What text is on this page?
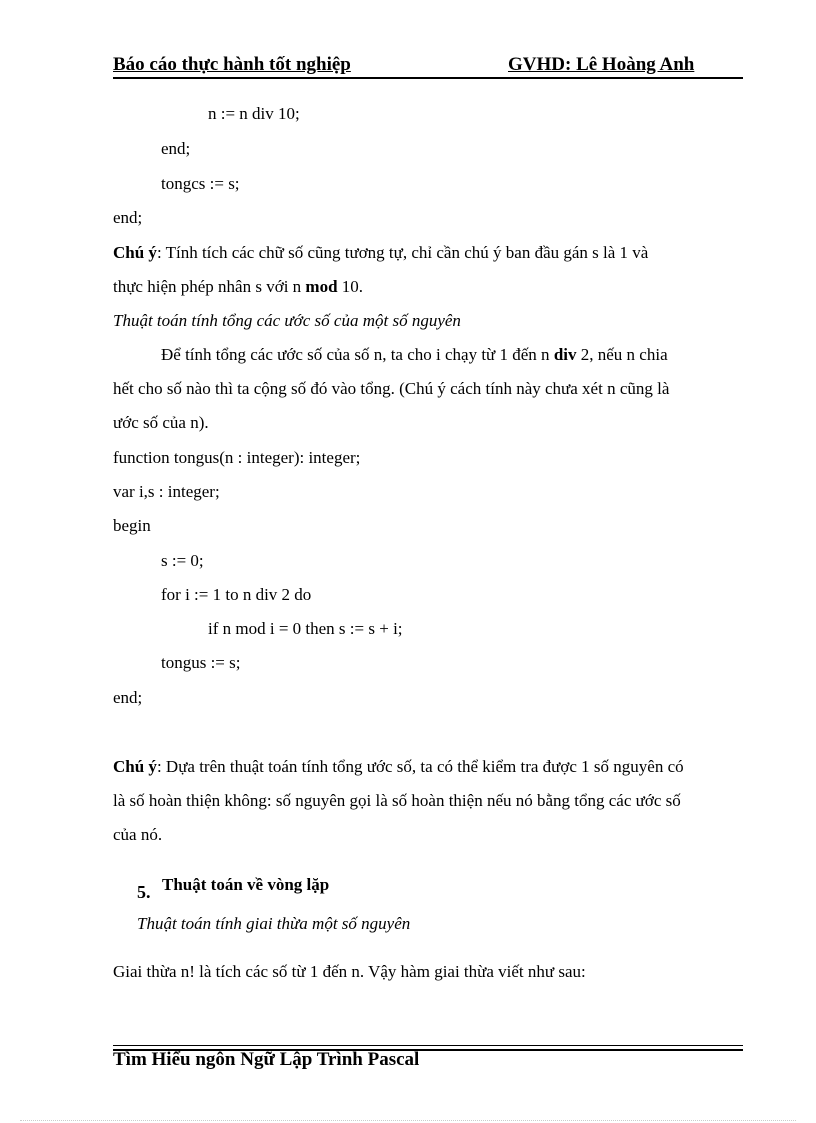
Báo cáo thực hành tốt nghiệp	GVHD: Lê Hoàng Anh
n := n div 10;
end;
tongcs := s;
end;
Chú ý: Tính tích các chữ số cũng tương tự, chỉ cần chú ý ban đầu gán s là 1 và
thực hiện phép nhân s với n mod 10.
Thuật toán tính tổng các ước số của một số nguyên
Để tính tổng các ước số của số n, ta cho i chạy từ 1 đến n div 2, nếu n chia
hết cho số nào thì ta cộng số đó vào tổng. (Chú ý cách tính này chưa xét n cũng là
ước số của n).
function tongus(n : integer): integer;
var i,s : integer;
begin
s := 0;
for i := 1 to n div 2 do
if n mod i = 0 then s := s + i;
tongus := s;
end;
Chú ý: Dựa trên thuật toán tính tổng ước số, ta có thể kiểm tra được 1 số nguyên có
là số hoàn thiện không: số nguyên gọi là số hoàn thiện nếu nó bằng tổng các ước số
của nó.
5. Thuật toán về vòng lặp
Thuật toán tính giai thừa một số nguyên
Giai thừa n! là tích các số từ 1 đến n. Vậy hàm giai thừa viết như sau:
Tìm Hiểu ngôn Ngữ Lập Trình Pascal
